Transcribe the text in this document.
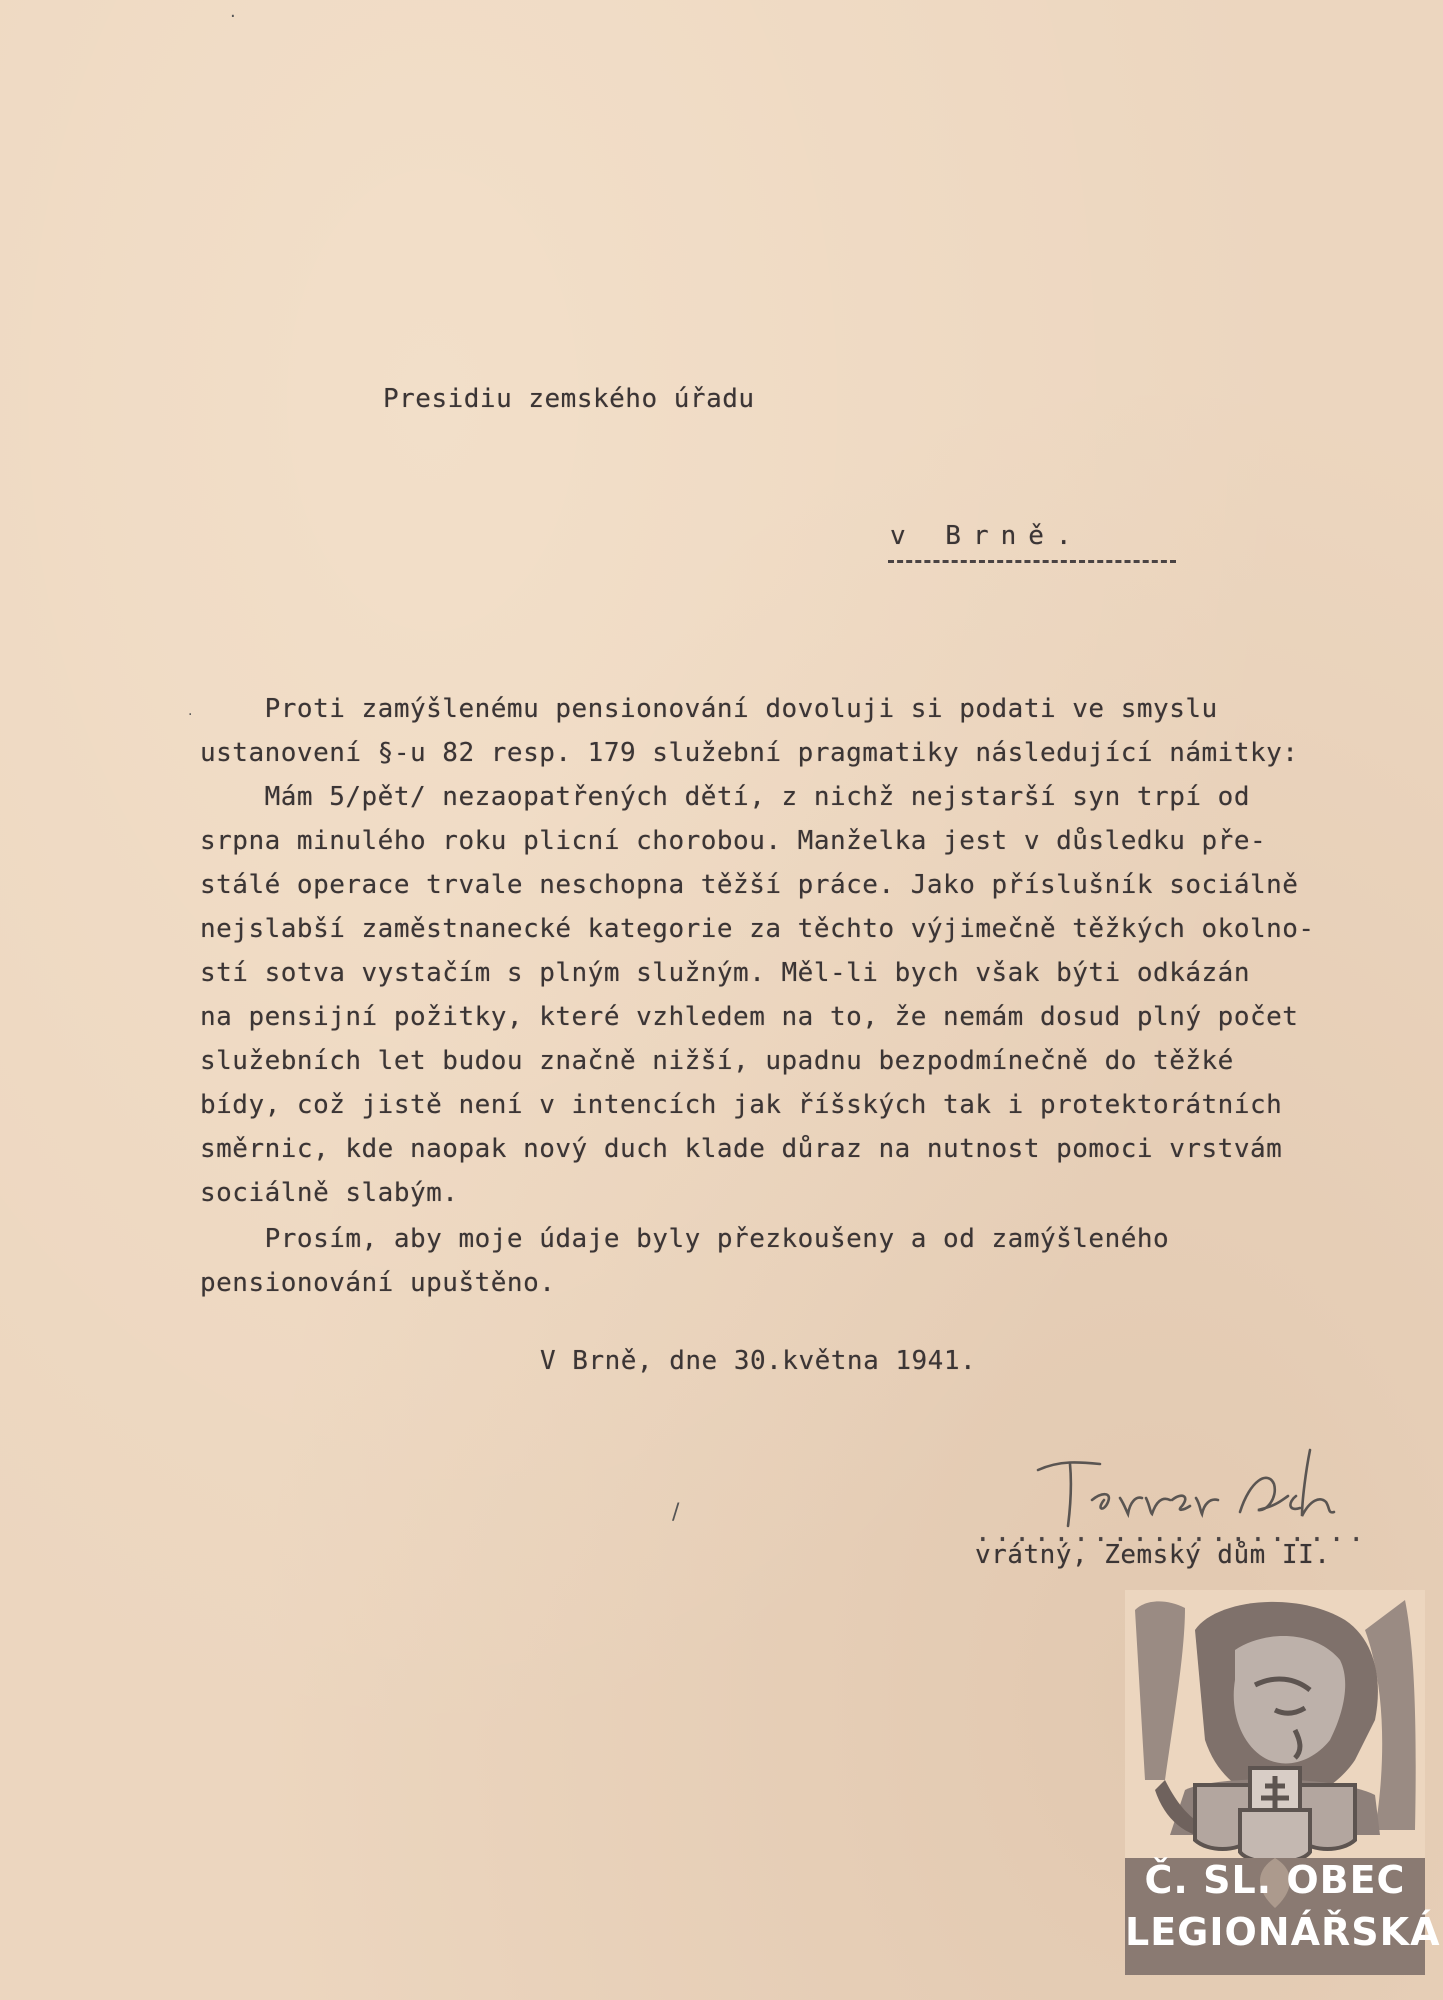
Presidiu zemského úřadu

v Brně.

Proti zamýšlenému pensionování dovoluji si podati ve smyslu

ustanovení §-u 82 resp. 179 služební pragmatiky následující námitky:

Mám 5/pět/ nezaopatřených dětí, z nichž nejstarší syn trpí od

srpna minulého roku plicní chorobou. Manželka jest v důsledku pře-

stálé operace trvale neschopna těžší práce. Jako příslušník sociálně

nejslabší zaměstnanecké kategorie za těchto výjimečně těžkých okolno-

stí sotva vystačím s plným služným. Měl-li bych však býti odkázán

na pensijní požitky, které vzhledem na to, že nemám dosud plný počet

služebních let budou značně nižší, upadnu bezpodmínečně do těžké

bídy, což jistě není v intencích jak říšských tak i protektorátních

směrnic, kde naopak nový duch klade důraz na nutnost pomoci vrstvám

sociálně slabým.

Prosím, aby moje údaje byly přezkoušeny a od zamýšleného

pensionování upuštěno.

V Brně, dne 30.května 1941.

....................

vrátný, Zemský dům II.

·
/
·
Č. SL. OBEC
LEGIONÁŘSKÁ
